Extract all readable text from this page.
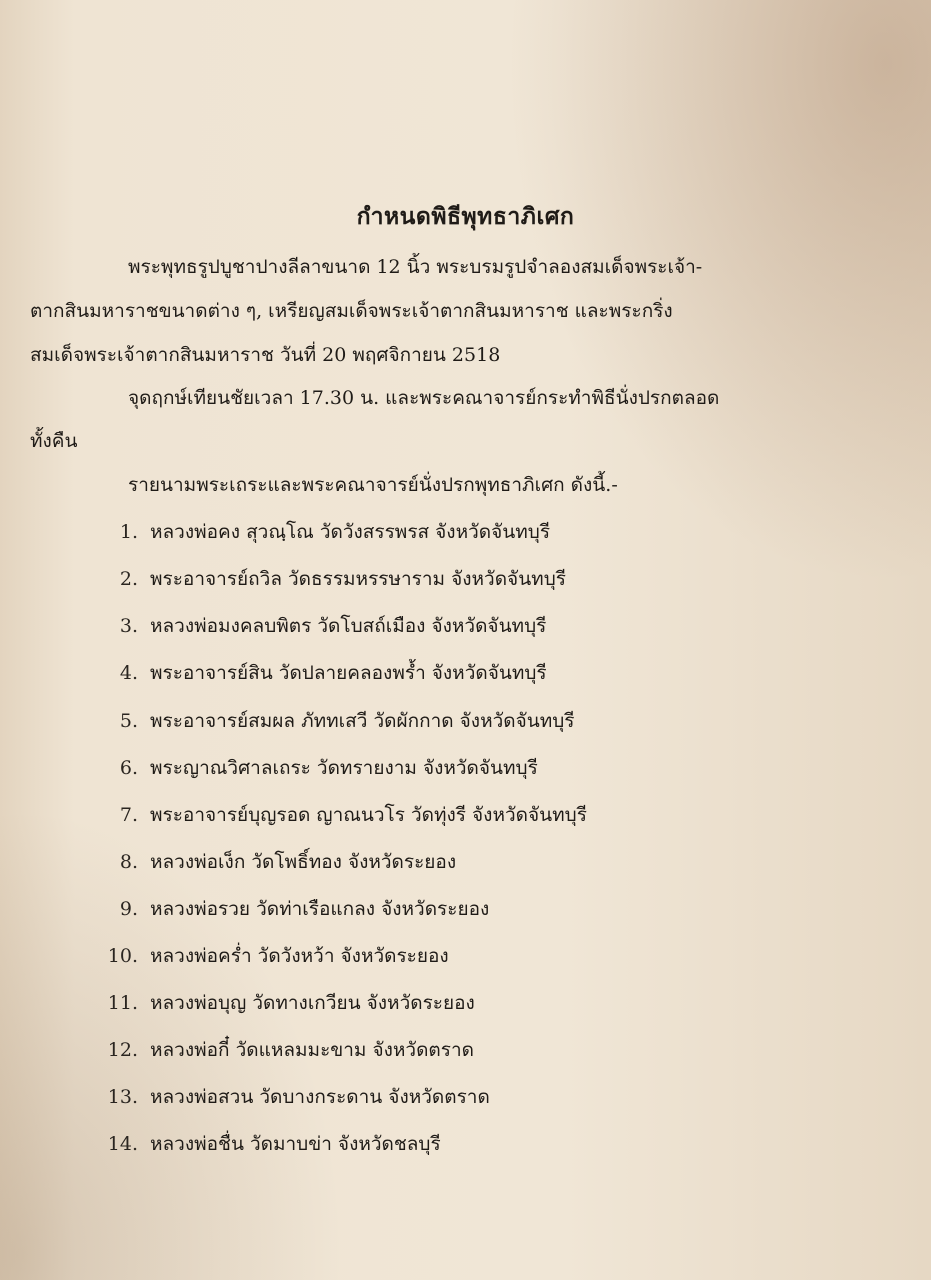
กำหนดพิธีพุทธาภิเศก
พระพุทธรูปบูชาปางลีลาขนาด 12 นิ้ว พระบรมรูปจำลองสมเด็จพระเจ้า-
ตากสินมหาราชขนาดต่าง ๆ, เหรียญสมเด็จพระเจ้าตากสินมหาราช และพระกริ่ง
สมเด็จพระเจ้าตากสินมหาราช วันที่ 20 พฤศจิกายน 2518
จุดฤกษ์เทียนชัยเวลา 17.30 น. และพระคณาจารย์กระทำพิธีนั่งปรกตลอด
ทั้งคืน
รายนามพระเถระและพระคณาจารย์นั่งปรกพุทธาภิเศก ดังนี้.-
1. หลวงพ่อคง สุวณฺโณ วัดวังสรรพรส จังหวัดจันทบุรี
2. พระอาจารย์ถวิล วัดธรรมหรรษาราม จังหวัดจันทบุรี
3. หลวงพ่อมงคลบพิตร วัดโบสถ์เมือง จังหวัดจันทบุรี
4. พระอาจารย์สิน วัดปลายคลองพร้ำ จังหวัดจันทบุรี
5. พระอาจารย์สมผล ภัททเสวี วัดผักกาด จังหวัดจันทบุรี
6. พระญาณวิศาลเถระ วัดทรายงาม จังหวัดจันทบุรี
7. พระอาจารย์บุญรอด ญาณนวโร วัดทุ่งรี จังหวัดจันทบุรี
8. หลวงพ่อเง็ก วัดโพธิ์ทอง จังหวัดระยอง
9. หลวงพ่อรวย วัดท่าเรือแกลง จังหวัดระยอง
10. หลวงพ่อคร่ำ วัดวังหว้า จังหวัดระยอง
11. หลวงพ่อบุญ วัดทางเกวียน จังหวัดระยอง
12. หลวงพ่อกี๋ วัดแหลมมะขาม จังหวัดตราด
13. หลวงพ่อสวน วัดบางกระดาน จังหวัดตราด
14. หลวงพ่อชื่น วัดมาบข่า จังหวัดชลบุรี
